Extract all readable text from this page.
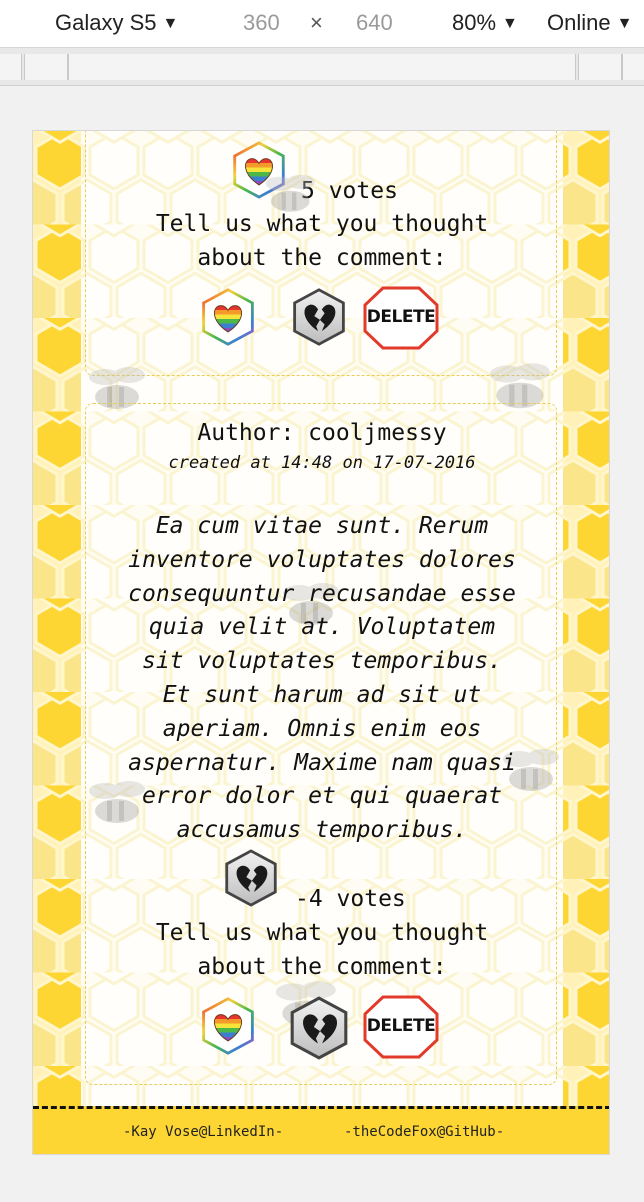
Galaxy S5 ▼	360 × 640	80% ▼ Online ▼
5 votes
Tell us what you thought
about the comment:
DELETE
Author: cooljmessy
created at 14:48 on 17-07-2016
Ea cum vitae sunt. Rerum
inventore voluptates dolores
consequuntur recusandae esse
quia velit at. Voluptatem
sit voluptates temporibus.
Et sunt harum ad sit ut
aperiam. Omnis enim eos
aspernatur. Maxime nam quasi
error dolor et qui quaerat
accusamus temporibus.
-4 votes
Tell us what you thought
about the comment:
DELETE
-Kay Vose@LinkedIn-	-theCodeFox@GitHub-
